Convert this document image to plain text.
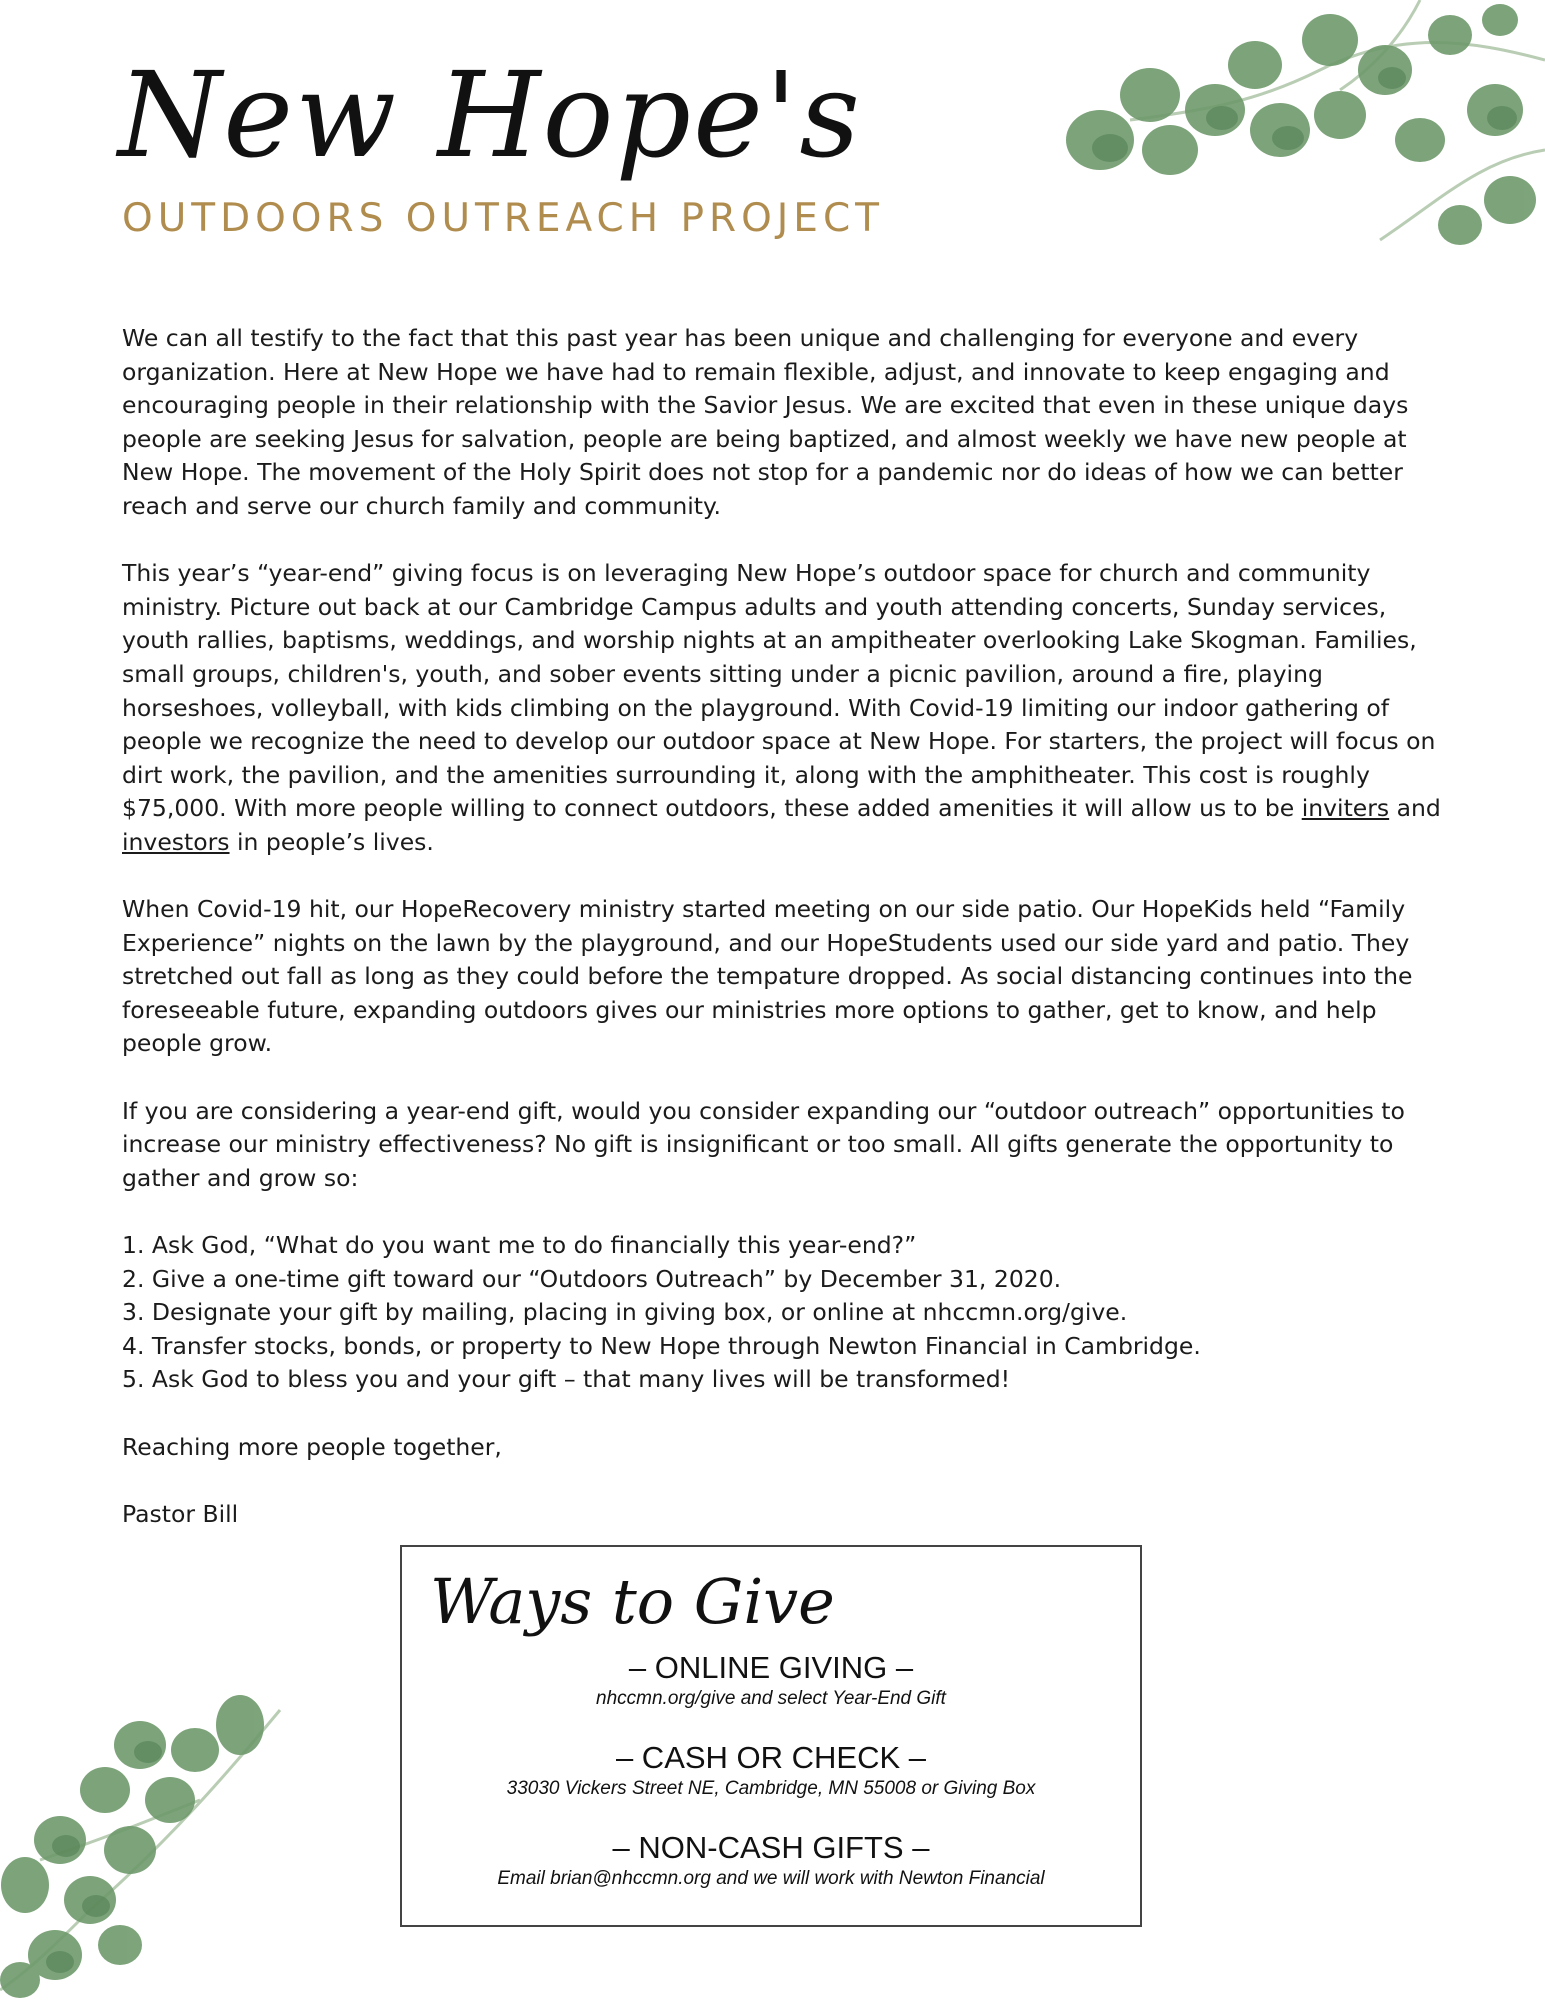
New Hope's
OUTDOORS OUTREACH PROJECT

We can all testify to the fact that this past year has been unique and challenging for everyone and every organization. Here at New Hope we have had to remain flexible, adjust, and innovate to keep engaging and encouraging people in their relationship with the Savior Jesus. We are excited that even in these unique days people are seeking Jesus for salvation, people are being baptized, and almost weekly we have new people at New Hope. The movement of the Holy Spirit does not stop for a pandemic nor do ideas of how we can better reach and serve our church family and community.

This year’s “year-end” giving focus is on leveraging New Hope’s outdoor space for church and community ministry. Picture out back at our Cambridge Campus adults and youth attending concerts, Sunday services, youth rallies, baptisms, weddings, and worship nights at an ampitheater overlooking Lake Skogman. Families, small groups, children's, youth, and sober events sitting under a picnic pavilion, around a fire, playing horseshoes, volleyball, with kids climbing on the playground. With Covid-19 limiting our indoor gathering of people we recognize the need to develop our outdoor space at New Hope. For starters, the project will focus on dirt work, the pavilion, and the amenities surrounding it, along with the amphitheater. This cost is roughly $75,000. With more people willing to connect outdoors, these added amenities it will allow us to be inviters and investors in people’s lives.

When Covid-19 hit, our HopeRecovery ministry started meeting on our side patio. Our HopeKids held “Family Experience” nights on the lawn by the playground, and our HopeStudents used our side yard and patio. They stretched out fall as long as they could before the tempature dropped. As social distancing continues into the foreseeable future, expanding outdoors gives our ministries more options to gather, get to know, and help people grow.

If you are considering a year-end gift, would you consider expanding our “outdoor outreach” opportunities to increase our ministry effectiveness? No gift is insignificant or too small. All gifts generate the opportunity to gather and grow so:

1. Ask God, “What do you want me to do financially this year-end?”
2. Give a one-time gift toward our “Outdoors Outreach” by December 31, 2020.
3. Designate your gift by mailing, placing in giving box, or online at nhccmn.org/give.
4. Transfer stocks, bonds, or property to New Hope through Newton Financial in Cambridge.
5. Ask God to bless you and your gift – that many lives will be transformed!

Reaching more people together,

Pastor Bill

Ways to Give
– ONLINE GIVING –
nhccmn.org/give and select Year-End Gift
– CASH OR CHECK –
33030 Vickers Street NE, Cambridge, MN 55008 or Giving Box
– NON-CASH GIFTS –
Email brian@nhccmn.org and we will work with Newton Financial
